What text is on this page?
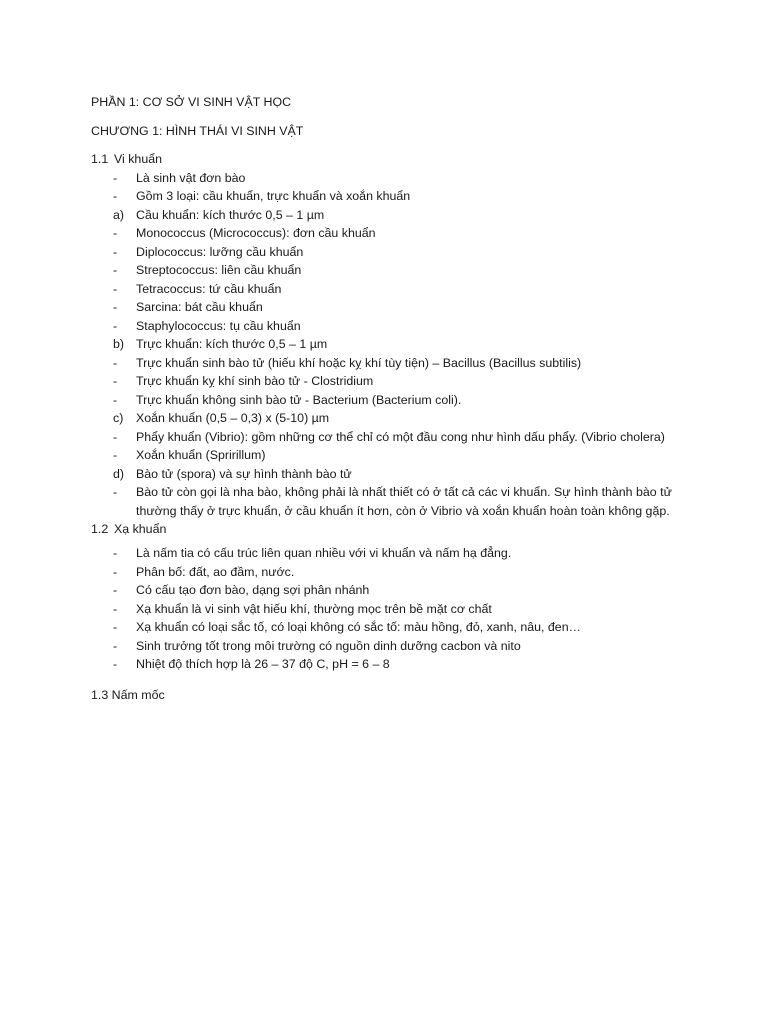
PHẦN 1: CƠ SỞ VI SINH VẬT HỌC
CHƯƠNG 1: HÌNH THÁI VI SINH VẬT
1.1 Vi khuẩn
-	Là sinh vật đơn bào
-	Gồm 3 loại: cầu khuẩn, trực khuẩn và xoắn khuẩn
a) Cầu khuẩn: kích thước 0,5 – 1 µm
-	Monococcus (Micrococcus): đơn cầu khuẩn
-	Diplococcus: lưỡng cầu khuẩn
-	Streptococcus: liên cầu khuẩn
-	Tetracoccus: tứ cầu khuẩn
-	Sarcina: bát cầu khuẩn
-	Staphylococcus: tụ cầu khuẩn
b) Trực khuẩn: kích thước 0,5 – 1 µm
-	Trực khuẩn sinh bào tử (hiếu khí hoặc kỵ khí tùy tiện) – Bacillus (Bacillus subtilis)
-	Trực khuẩn kỵ khí sinh bào tử - Clostridium
-	Trực khuẩn không sinh bào tử - Bacterium (Bacterium coli).
c)	Xoắn khuẩn (0,5 – 0,3) x (5-10) µm
-	Phẩy khuẩn (Vibrio): gồm những cơ thể chỉ có một đầu cong như hình dấu phẩy. (Vibrio cholera)
-	Xoắn khuẩn (Spririllum)
d) Bào tử (spora) và sự hình thành bào tử
-	Bào tử còn gọi là nha bào, không phải là nhất thiết có ở tất cả các vi khuẩn. Sự hình thành bào tử
thường thấy ở trực khuẩn, ở cầu khuẩn ít hơn, còn ở Vibrio và xoắn khuẩn hoàn toàn không gặp.
1.2 Xạ khuẩn
-	Là nấm tia có cấu trúc liên quan nhiều với vi khuẩn và nấm hạ đẳng.
-	Phân bố: đất, ao đầm, nước.
-	Có cấu tạo đơn bào, dạng sợi phân nhánh
-	Xạ khuẩn là vi sinh vật hiếu khí, thường mọc trên bề mặt cơ chất
-	Xạ khuẩn có loại sắc tố, có loại không có sắc tố: màu hồng, đỏ, xanh, nâu, đen…
-	Sinh trưởng tốt trong môi trường có nguồn dinh dưỡng cacbon và nito
-	Nhiệt độ thích hợp là 26 – 37 độ C, pH = 6 – 8
1.3 Nấm mốc
